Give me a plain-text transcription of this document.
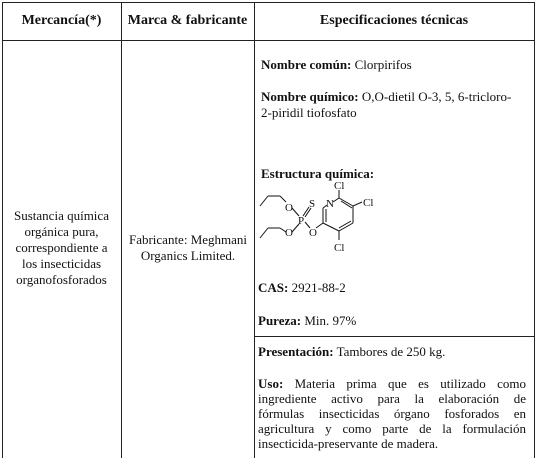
Mercancía(*)	Marca & fabricante	Especificaciones técnicas
Sustancia química
orgánica pura,
correspondiente a
los insecticidas
organofosforados
Fabricante: Meghmani
Organics Limited.
Nombre común: Clorpirifos
Nombre químico: O,O-dietil O-3, 5, 6-tricloro-
2-piridil tiofosfato
Estructura química:
O
P
S
O O
N
Cl
Cl
Cl
CAS: 2921-88-2
Pureza: Min. 97%
Presentación: Tambores de 250 kg.
Uso: Materia prima que es utilizado como
ingrediente activo para la elaboración de
fórmulas insecticidas órgano fosforados en
agricultura y como parte de la formulación
insecticida-preservante de madera.
